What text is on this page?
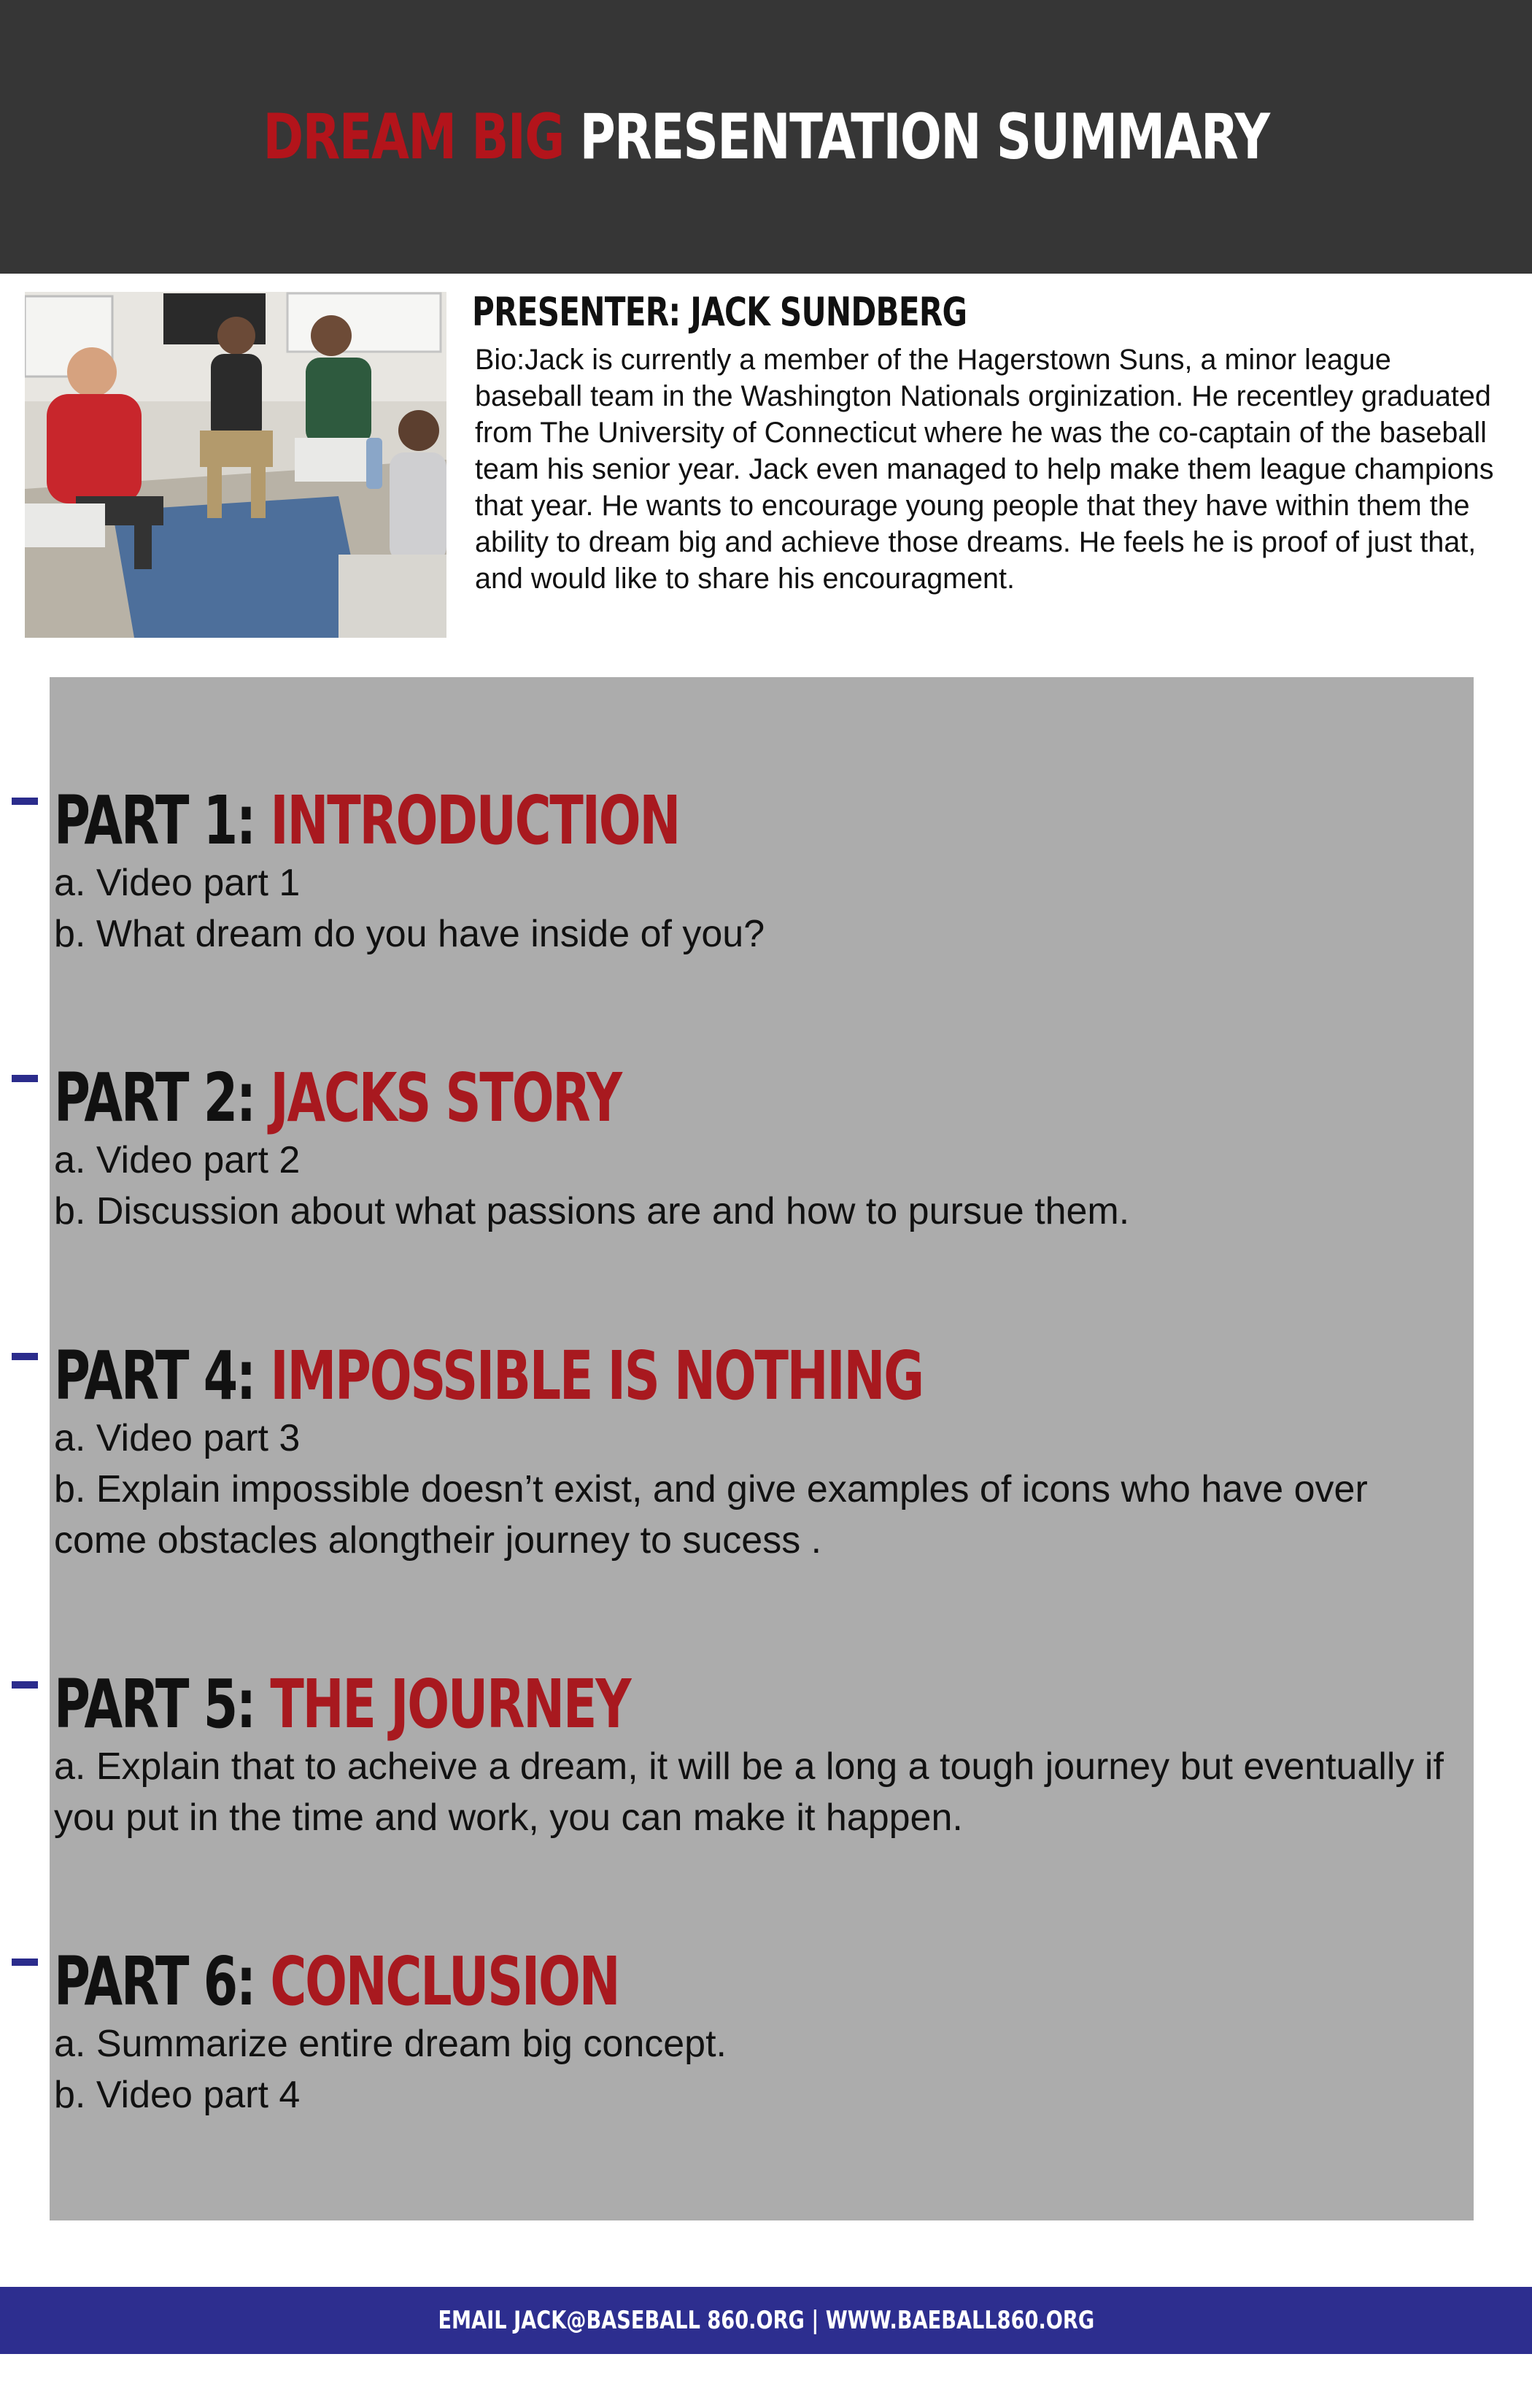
DREAM BIG PRESENTATION SUMMARY
PRESENTER: JACK SUNDBERG

Bio:Jack is currently a member of the Hagerstown Suns, a minor league baseball team in the Washington Nationals orginization. He recentley graduated from The University of Connecticut where he was the co-captain of the baseball team his senior year. Jack even managed to help make them league champions that year. He wants to encourage young people that they have within them the ability to dream big and achieve those dreams. He feels he is proof of just that, and would like to share his encouragment.

PART 1: INTRODUCTION
a. Video part 1
b. What dream do you have inside of you?
PART 2: JACKS STORY
a. Video part 2
b. Discussion about what passions are and how to pursue them.
PART 4: IMPOSSIBLE IS NOTHING
a. Video part 3
b. Explain impossible doesn’t exist, and give examples of icons who have over come obstacles alongtheir journey to sucess .
PART 5: THE JOURNEY
a. Explain that to acheive a dream, it will be a long a tough journey but eventually if you put in the time and work, you can make it happen.
PART 6: CONCLUSION
a. Summarize entire dream big concept.
b. Video part 4
EMAIL JACK@BASEBALL 860.ORG | WWW.BAEBALL860.ORG
